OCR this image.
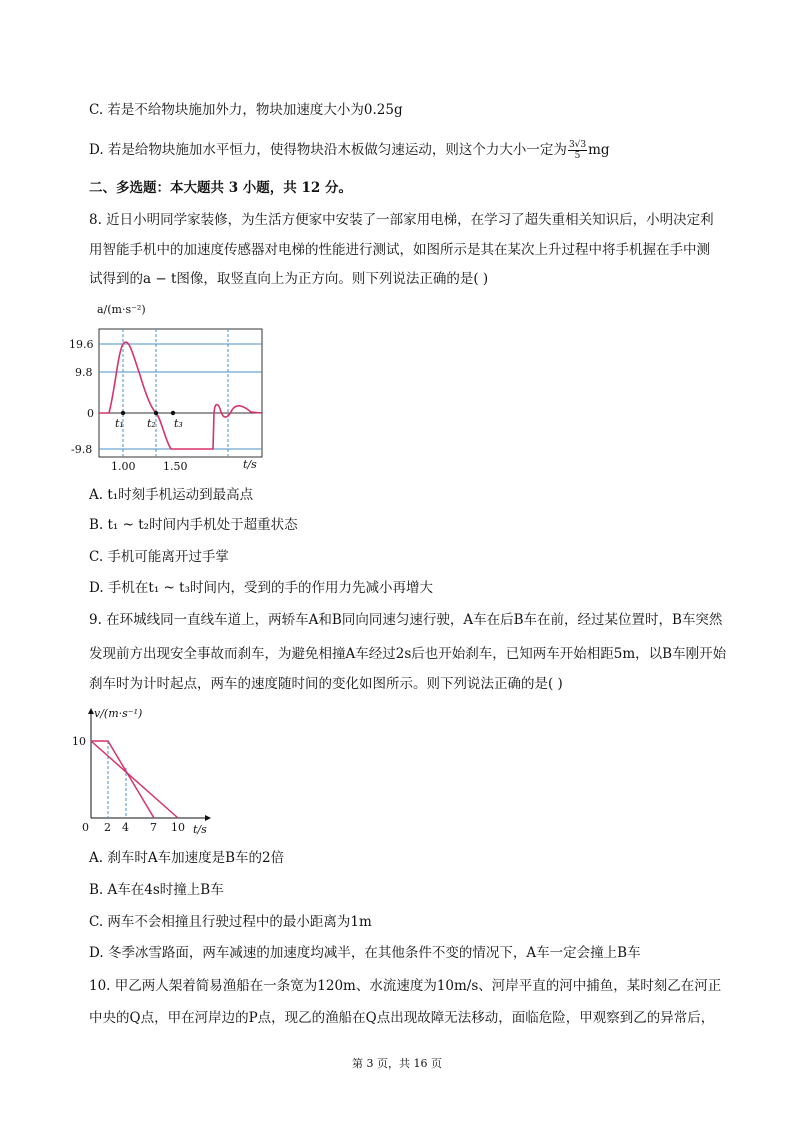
C. 若是不给物块施加外力，物块加速度大小为0.25g
D. 若是给物块施加水平恒力，使得物块沿木板做匀速运动，则这个力大小一定为 $\frac{3√3}{5}$ mg
二、多选题：本大题共 3 小题，共 12 分。
8. 近日小明同学家装修，为生活方便家中安装了一部家用电梯，在学习了超失重相关知识后，小明决定利
用智能手机中的加速度传感器对电梯的性能进行测试，如图所示是其在某次上升过程中将手机握在手中测
试得到的a − t图像，取竖直向上为正方向。则下列说法正确的是( )
a/(m·s⁻²)
19.6
9.8
0
-9.8
1.00	1.50	t/s
t₁ t₂ t₃
A. t₁时刻手机运动到最高点
B. t₁ ~ t₂时间内手机处于超重状态
C. 手机可能离开过手掌
D. 手机在t₁ ~ t₃时间内，受到的手的作用力先减小再增大
9. 在环城线同一直线车道上，两轿车A和B同向同速匀速行驶，A车在后B车在前，经过某位置时，B车突然
发现前方出现安全事故而刹车，为避免相撞A车经过2s后也开始刹车，已知两车开始相距5m，以B车刚开始
刹车时为计时起点，两车的速度随时间的变化如图所示。则下列说法正确的是( )
v/(m·s⁻¹)
10
0 2 4 7 10 t/s
A. 刹车时A车加速度是B车的2倍
B. A车在4s时撞上B车
C. 两车不会相撞且行驶过程中的最小距离为1m
D. 冬季冰雪路面，两车减速的加速度均减半，在其他条件不变的情况下，A车一定会撞上B车
10. 甲乙两人架着简易渔船在一条宽为120m、水流速度为10m/s、河岸平直的河中捕鱼，某时刻乙在河正
中央的Q点，甲在河岸边的P点，现乙的渔船在Q点出现故障无法移动，面临危险，甲观察到乙的异常后，
第 3 页，共 16 页
